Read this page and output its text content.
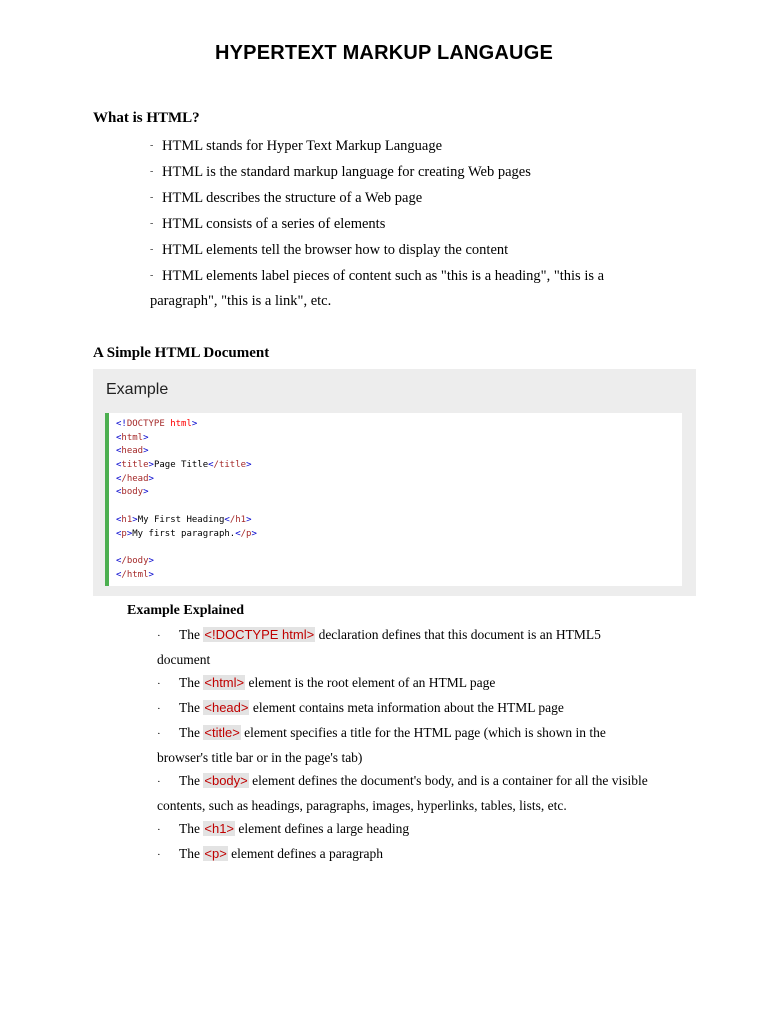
HYPERTEXT MARKUP LANGAUGE
What is HTML?
- HTML stands for Hyper Text Markup Language
- HTML is the standard markup language for creating Web pages
- HTML describes the structure of a Web page
- HTML consists of a series of elements
- HTML elements tell the browser how to display the content
- HTML elements label pieces of content such as "this is a heading", "this is a
paragraph", "this is a link", etc.
A Simple HTML Document
Example
<!DOCTYPE html>
<html>
<head>
<title>Page Title</title>
</head>
<body>
<h1>My First Heading</h1>
<p>My first paragraph.</p>
</body>
</html>
Example Explained
· The <!DOCTYPE html> declaration defines that this document is an HTML5
document
· The <html> element is the root element of an HTML page
· The <head> element contains meta information about the HTML page
· The <title> element specifies a title for the HTML page (which is shown in the
browser's title bar or in the page's tab)
· The <body> element defines the document's body, and is a container for all the visible
contents, such as headings, paragraphs, images, hyperlinks, tables, lists, etc.
· The <h1> element defines a large heading
· The <p> element defines a paragraph
